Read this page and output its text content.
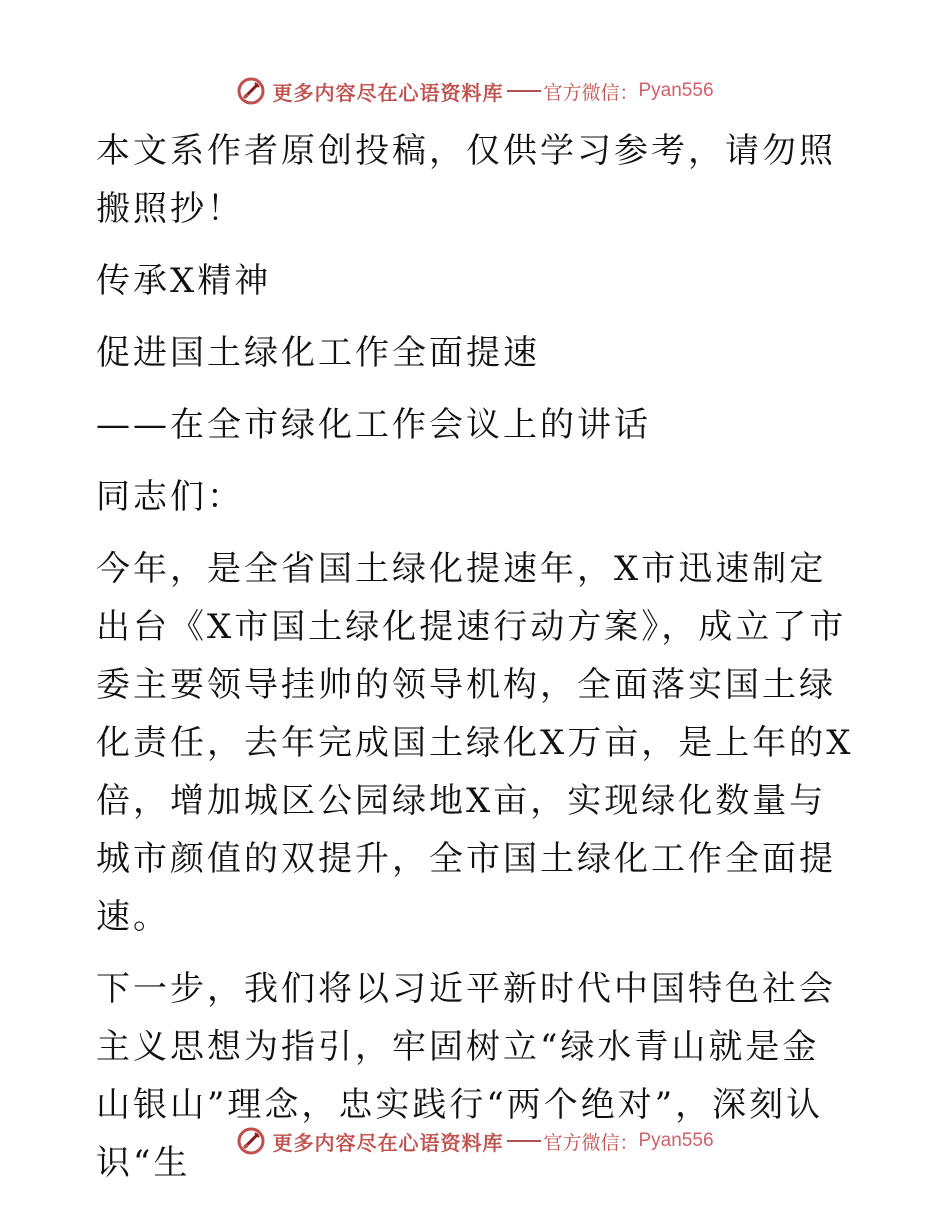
更多内容尽在心语资料库 官方微信： Pyan556

本文系作者原创投稿，仅供学习参考，请勿照搬照抄！

传承X精神

促进国土绿化工作全面提速

——在全市绿化工作会议上的讲话

同志们：

今年，是全省国土绿化提速年，X市迅速制定出台《X市国土绿化提速行动方案》，成立了市委主要领导挂帅的领导机构，全面落实国土绿化责任，去年完成国土绿化X万亩，是上年的X倍，增加城区公园绿地X亩，实现绿化数量与城市颜值的双提升，全市国土绿化工作全面提速。

下一步，我们将以习近平新时代中国特色社会主义思想为指引，牢固树立“绿水青山就是金山银山”理念，忠实践行“两个绝对”，深刻认识“生

更多内容尽在心语资料库 官方微信： Pyan556
